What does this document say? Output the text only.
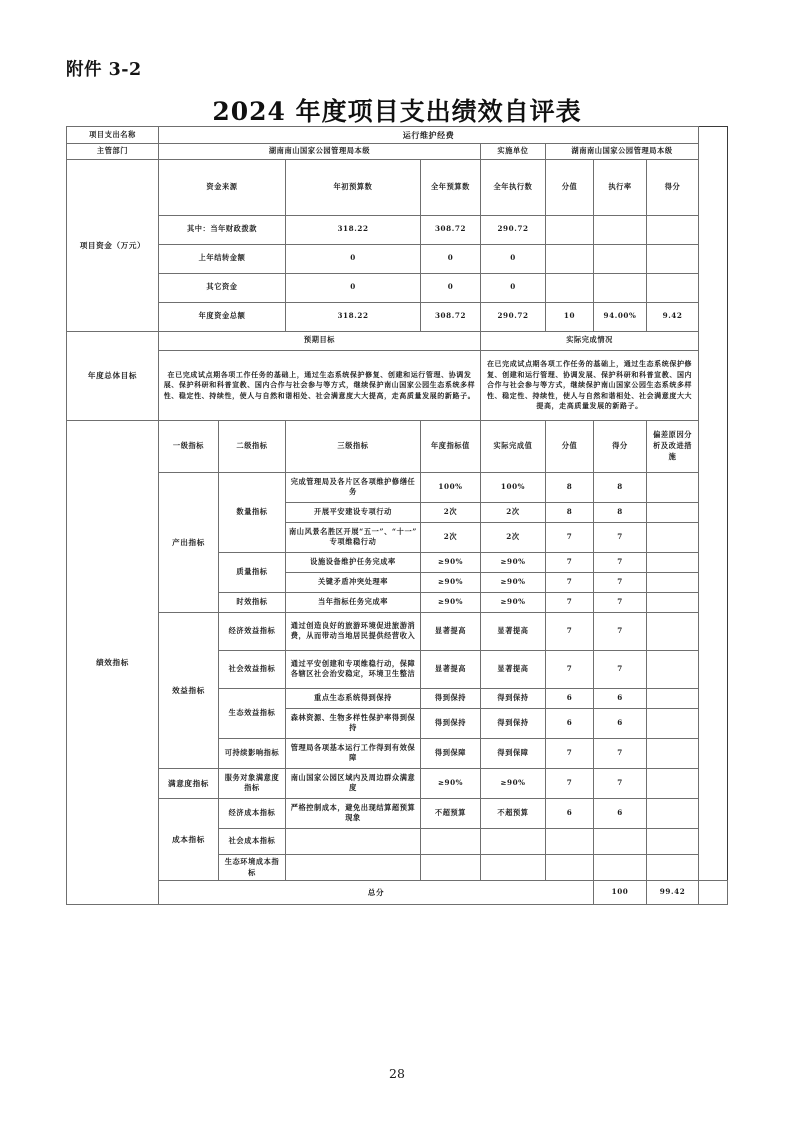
附件 3-2
2024 年度项目支出绩效自评表
项目支出名称	运行维护经费								
主管部门	湖南南山国家公园管理局本级				实施单位	湖南南山国家公园管理局本级			
项目资金（万元）	资金来源		年初预算数	全年预算数	全年执行数	分值	执行率	得分	
	其中：当年财政拨款		318.22	308.72	290.72				
	上年结转金额		0	0	0				
	其它资金		0	0	0				
	年度资金总额		318.22	308.72	290.72	10	94.00%	9.42	
年度总体目标	预期目标				实际完成情况				
	在已完成试点期各项工作任务的基础上，通过生态系统保护修复、创建和运行管理、协调发展、保护科研和科普宣教、国内合作与社会参与等方式，继续保护南山国家公园生态系统多样性、稳定性、持续性，使人与自然和谐相处、社会满意度大大提高，走高质量发展的新路子。				在已完成试点期各项工作任务的基础上，通过生态系统保护修复、创建和运行管理、协调发展、保护科研和科普宣教、国内合作与社会参与等方式，继续保护南山国家公园生态系统多样性、稳定性、持续性，使人与自然和谐相处、社会满意度大大提高，走高质量发展的新路子。				
绩效指标	一级指标	二级指标	三级指标	年度指标值	实际完成值	分值	得分	偏差原因分析及改进措施	
	产出指标	数量指标	完成管理局及各片区各项维护修缮任务	100%	100%	8	8		
			开展平安建设专项行动	2次	2次	8	8		
			南山风景名胜区开展“五一”、“十一”专项维稳行动	2次	2次	7	7		
		质量指标	设施设备维护任务完成率	≥90%	≥90%	7	7		
			关键矛盾冲突处理率	≥90%	≥90%	7	7		
		时效指标	当年指标任务完成率	≥90%	≥90%	7	7		
	效益指标	经济效益指标	通过创造良好的旅游环境促进旅游消费，从而带动当地居民提供经营收入	显著提高	显著提高	7	7		
		社会效益指标	通过平安创建和专项维稳行动，保障各辖区社会治安稳定，环境卫生整洁	显著提高	显著提高	7	7		
		生态效益指标	重点生态系统得到保持	得到保持	得到保持	6	6		
			森林资源、生物多样性保护率得到保持	得到保持	得到保持	6	6		
		可持续影响指标	管理局各项基本运行工作得到有效保障	得到保障	得到保障	7	7		
	满意度指标	服务对象满意度指标	南山国家公园区域内及周边群众满意度	≥90%	≥90%	7	7		
	成本指标	经济成本指标	严格控制成本，避免出现结算超预算现象	不超预算	不超预算	6	6		
		社会成本指标							
		生态环境成本指标							
	总分						100	99.42	
28
